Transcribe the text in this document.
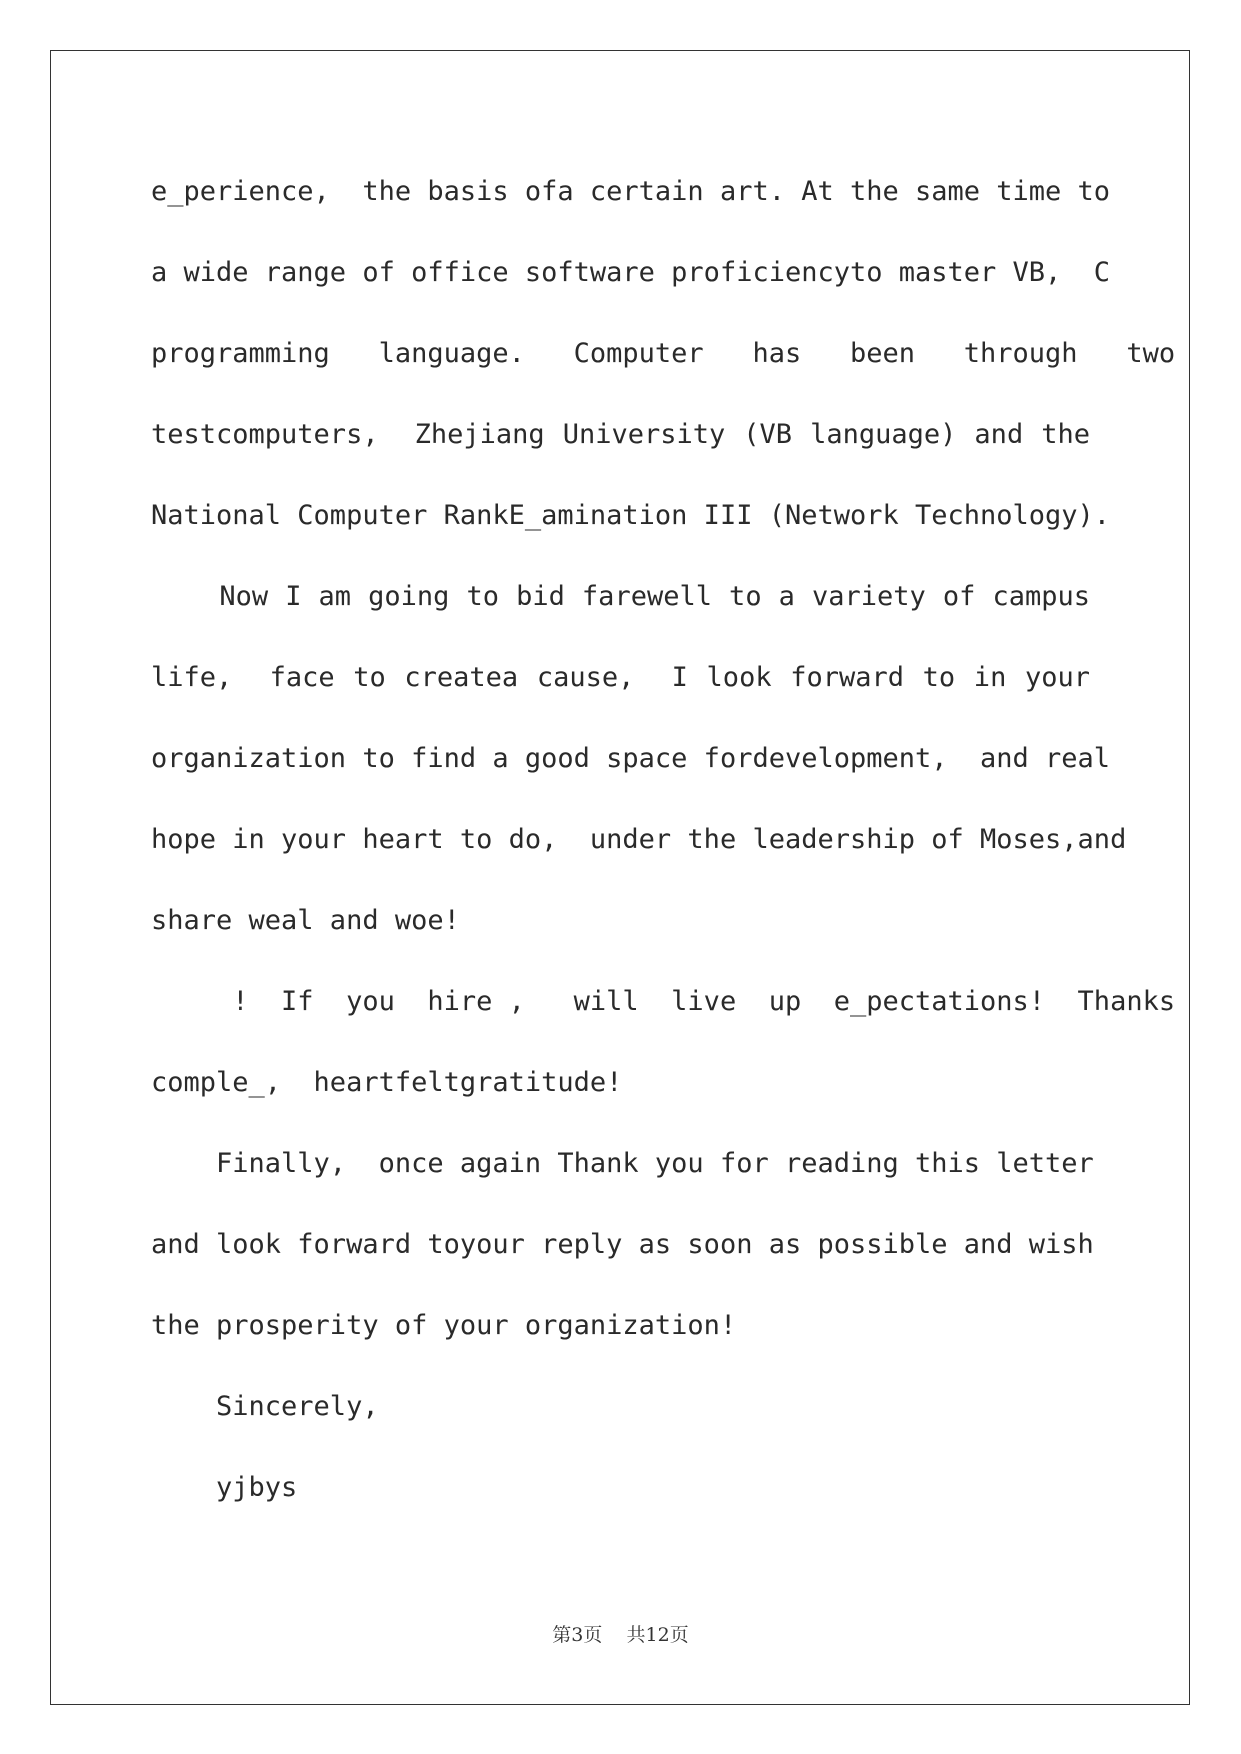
e_perience,  the basis ofa certain art. At the same time to

a wide range of office software proficiencyto master VB,  C

programming   language.   Computer   has   been   through   two

testcomputers,  Zhejiang University (VB language) and the

National Computer RankE_amination III (Network Technology).

Now I am going to bid farewell to a variety of campus

life,  face to createa cause,  I look forward to in your

organization to find a good space fordevelopment,  and real

hope in your heart to do,  under the leadership of Moses,and

share weal and woe!

!  If  you  hire ,   will  live  up  e_pectations!  Thanks

comple_,  heartfeltgratitude!

Finally,  once again Thank you for reading this letter

and look forward toyour reply as soon as possible and wish

the prosperity of your organization!

Sincerely,

yjbys

第3页 共12页
